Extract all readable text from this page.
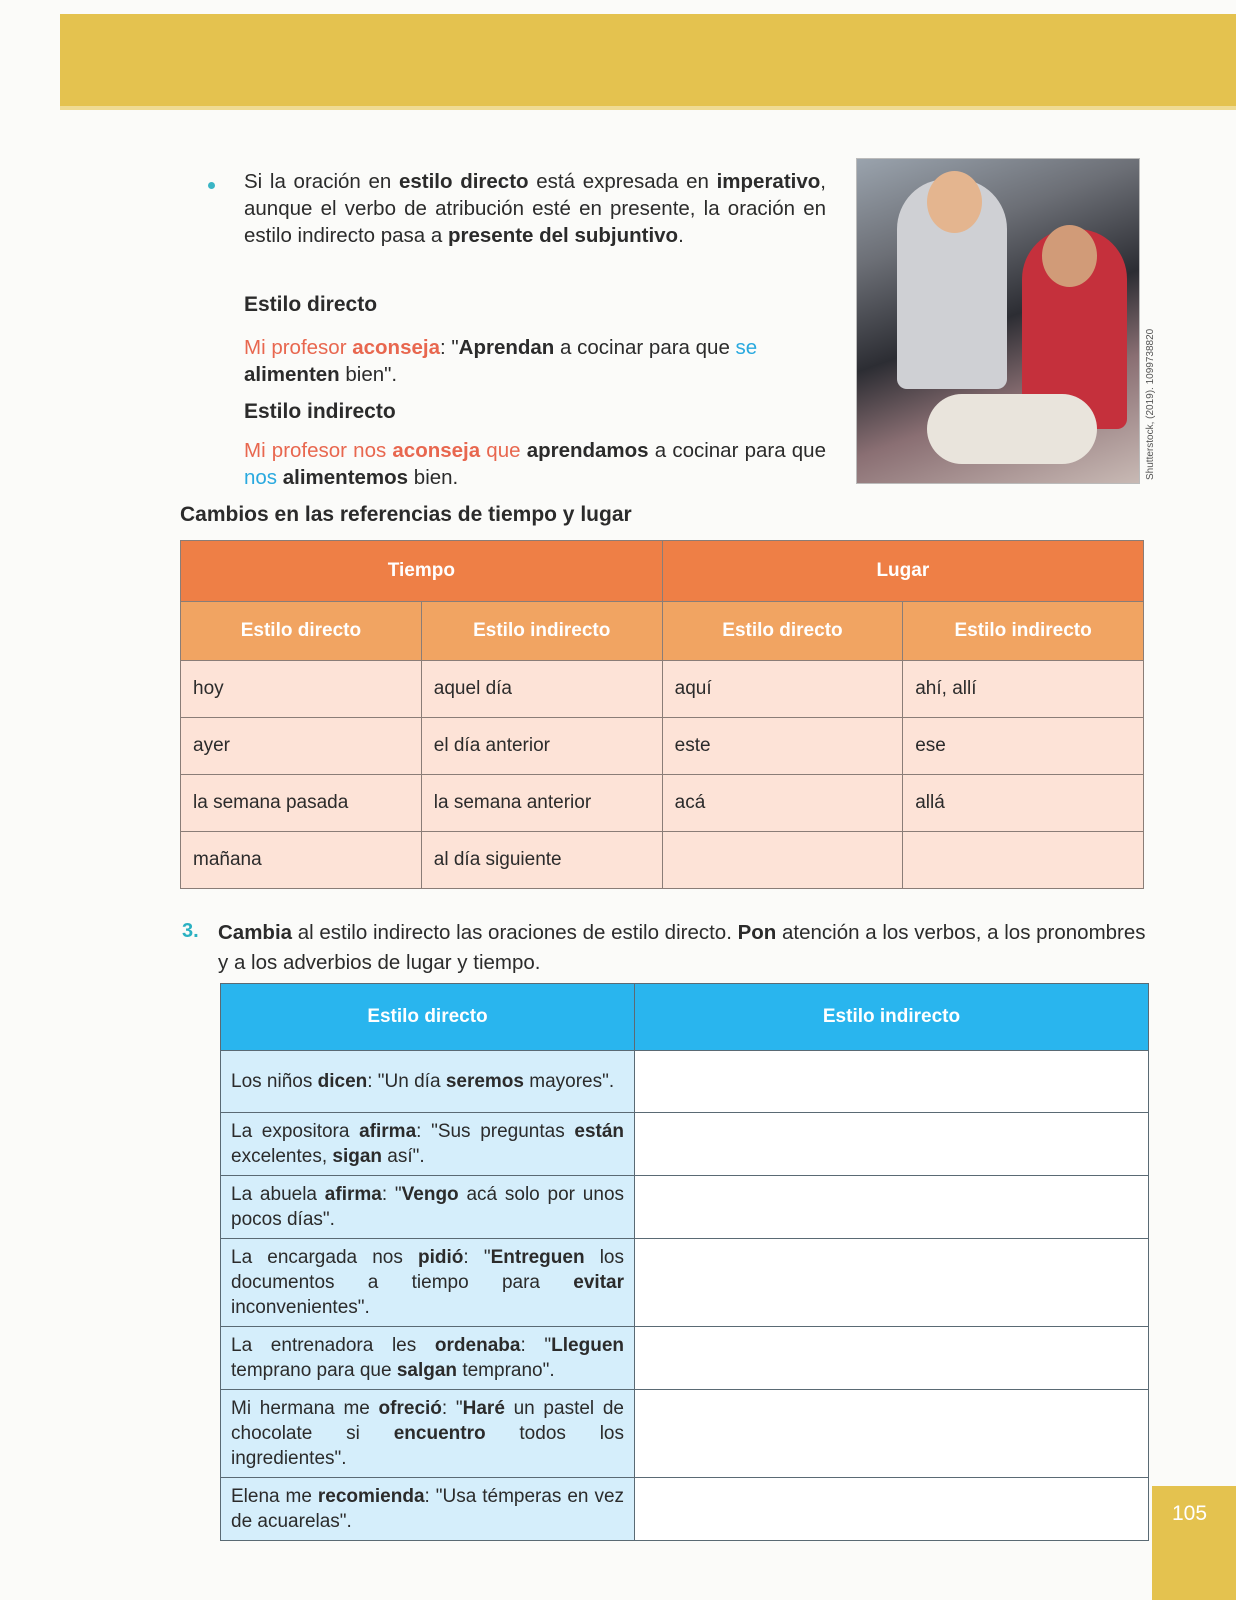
Si la oración en estilo directo está expresada en imperativo, aunque el verbo de atribución esté en presente, la oración en estilo indirecto pasa a presente del subjuntivo.
Estilo directo
Mi profesor aconseja: "Aprendan a cocinar para que se alimenten bien".
Estilo indirecto
Mi profesor nos aconseja que aprendamos a cocinar para que nos alimentemos bien.	Shutterstock, (2019). 1099738820
Cambios en las referencias de tiempo y lugar
Tiempo		Lugar	
Estilo directo	Estilo indirecto	Estilo directo	Estilo indirecto
hoy	aquel día	aquí	ahí, allí
ayer	el día anterior	este	ese
la semana pasada	la semana anterior	acá	allá
mañana	al día siguiente		
3. Cambia al estilo indirecto las oraciones de estilo directo. Pon atención a los verbos, a los pronombres y a los adverbios de lugar y tiempo.
Estilo directo	Estilo indirecto
Los niños dicen: "Un día seremos mayores".	
La expositora afirma: "Sus preguntas están excelentes, sigan así".	
La abuela afirma: "Vengo acá solo por unos pocos días".	
La encargada nos pidió: "Entreguen los documentos a tiempo para evitar inconvenientes".	
La entrenadora les ordenaba: "Lleguen temprano para que salgan temprano".	
Mi hermana me ofreció: "Haré un pastel de chocolate si encuentro todos los ingredientes".	
Elena me recomienda: "Usa témperas en vez de acuarelas".		105
